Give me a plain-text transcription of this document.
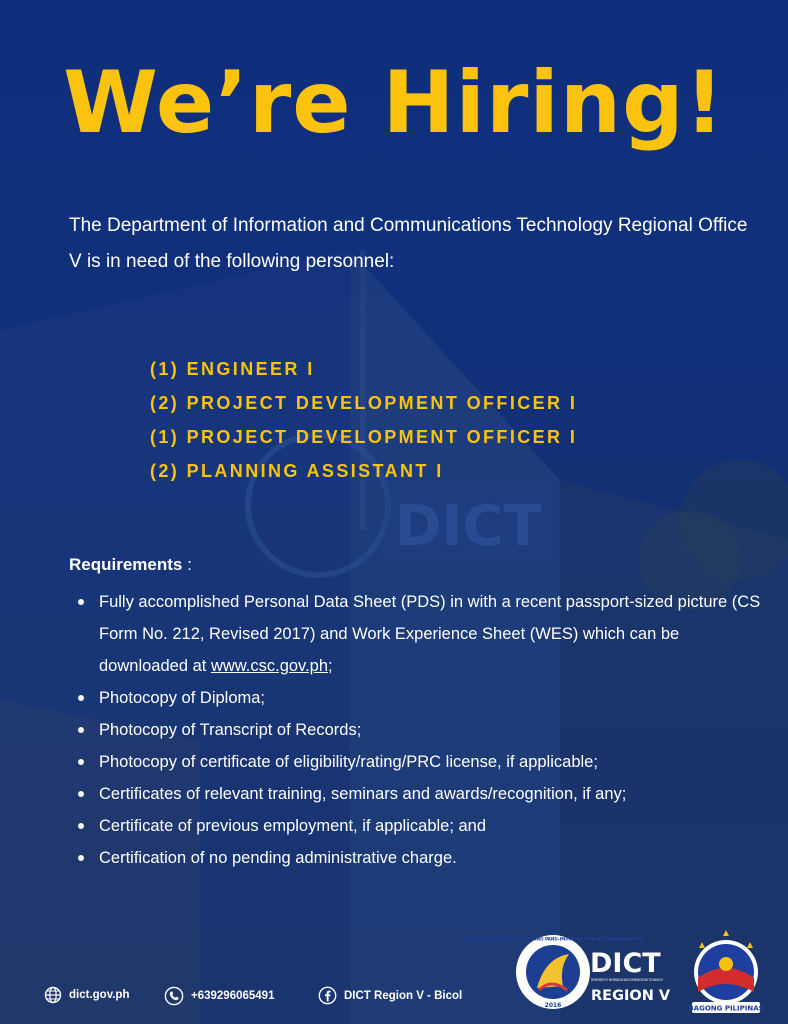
DICT
We’re Hiring!
The Department of Information and Communications Technology Regional Office V is in need of the following personnel:
(1) ENGINEER I
(2) PROJECT DEVELOPMENT OFFICER I
(1) PROJECT DEVELOPMENT OFFICER I
(2) PLANNING ASSISTANT I
Requirements :
Fully accomplished Personal Data Sheet (PDS) in with a recent passport-sized picture (CS Form No. 212, Revised 2017) and Work Experience Sheet (WES) which can be downloaded at www.csc.gov.ph;
Photocopy of Diploma;
Photocopy of Transcript of Records;
Photocopy of certificate of eligibility/rating/PRC license, if applicable;
Certificates of relevant training, seminars and awards/recognition, if any;
Certificate of previous employment, if applicable; and
Certification of no pending administrative charge.
dict.gov.ph	+639296065491	DICT Region V - Bicol
KAGAWARAN NG TEKNOLOHIYANG PANG-IMPORMASYON AT KOMUNIKASYON
2016
DICT
DEPARTMENT OF INFORMATION AND COMMUNICATIONS TECHNOLOGY
REGION V
BAGONG PILIPINAS
